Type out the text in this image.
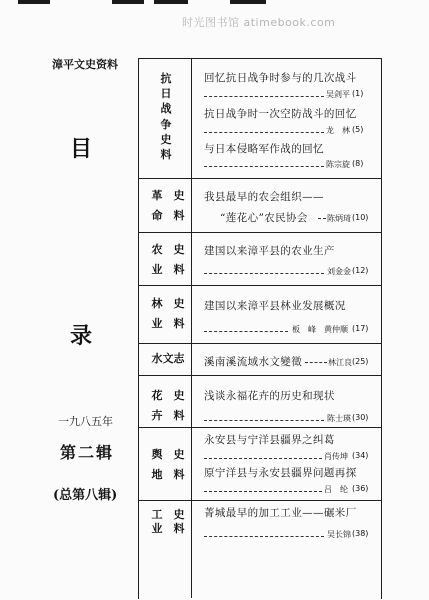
时光图书馆 atimebook.com
漳平文史资料
目
录
一九八五年
第二辑
(总第八辑)
抗
日
战
争
史
料
革　史
命　料
农　史
业　料
林　史
业　料
水文志
花　史
卉　料
舆　史
地　料
工　史
业　料
回忆抗日战争时参与的几次战斗
吴剑平 (1)
抗日战争时一次空防战斗的回忆
龙　林 (5)
与日本侵略军作战的回忆
陈宗旋 (8)
我县最早的农会组织——
“莲花心”农民协会 陈炳琦 (10)
建国以来漳平县的农业生产
刘金金 (12)
建国以来漳平县林业发展概况
板　峰　黄仲顺 (17)
溪南溪流域水文變徵	林江良 (25)
浅谈永福花卉的历史和现状
陈士瑛 (30)
永安县与宁洋县疆界之纠葛
肖传坤 (34)
原宁洋县与永安县疆界问题再探
吕　纶 (36)
菁城最早的加工工业——碾米厂
吴长锦 (38)
